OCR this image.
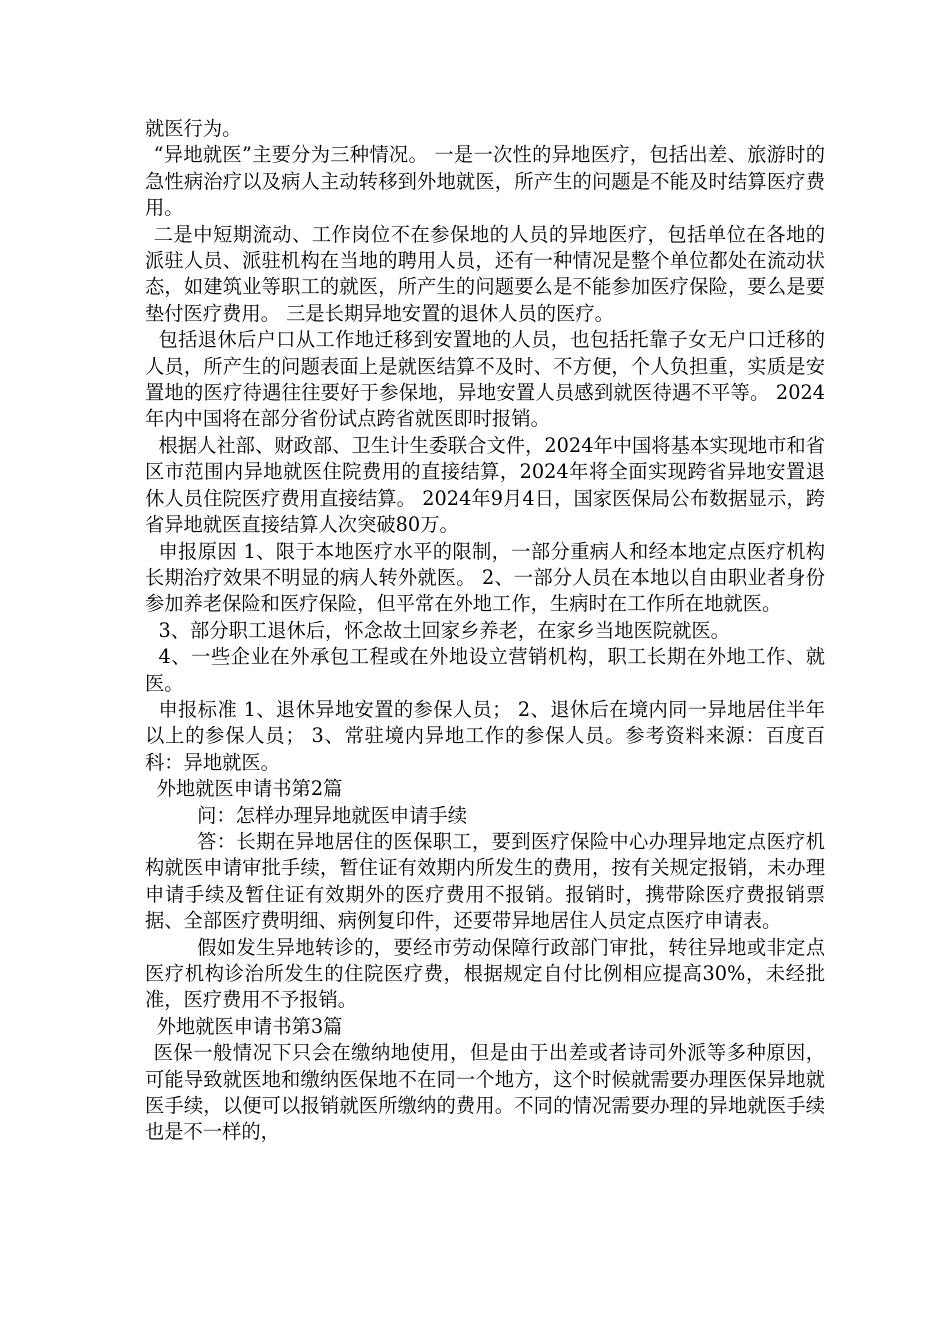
就医行为。

“异地就医”主要分为三种情况。 一是一次性的异地医疗，包括出差、旅游时的急性病治疗以及病人主动转移到外地就医，所产生的问题是不能及时结算医疗费用。

二是中短期流动、工作岗位不在参保地的人员的异地医疗，包括单位在各地的派驻人员、派驻机构在当地的聘用人员，还有一种情况是整个单位都处在流动状态，如建筑业等职工的就医，所产生的问题要么是不能参加医疗保险，要么是要垫付医疗费用。 三是长期异地安置的退休人员的医疗。

包括退休后户口从工作地迁移到安置地的人员，也包括托靠子女无户口迁移的人员，所产生的问题表面上是就医结算不及时、不方便，个人负担重，实质是安置地的医疗待遇往往要好于参保地，异地安置人员感到就医待遇不平等。 2024年内中国将在部分省份试点跨省就医即时报销。

根据人社部、财政部、卫生计生委联合文件，2024年中国将基本实现地市和省区市范围内异地就医住院费用的直接结算，2024年将全面实现跨省异地安置退休人员住院医疗费用直接结算。 2024年9月4日，国家医保局公布数据显示，跨省异地就医直接结算人次突破80万。

申报原因 1、限于本地医疗水平的限制，一部分重病人和经本地定点医疗机构长期治疗效果不明显的病人转外就医。 2、一部分人员在本地以自由职业者身份参加养老保险和医疗保险，但平常在外地工作，生病时在工作所在地就医。

3、部分职工退休后，怀念故土回家乡养老，在家乡当地医院就医。

4、一些企业在外承包工程或在外地设立营销机构，职工长期在外地工作、就医。

申报标准 1、退休异地安置的参保人员； 2、退休后在境内同一异地居住半年以上的参保人员； 3、常驻境内异地工作的参保人员。参考资料来源：百度百科：异地就医。

外地就医申请书第2篇

问：怎样办理异地就医申请手续

答：长期在异地居住的医保职工，要到医疗保险中心办理异地定点医疗机构就医申请审批手续，暂住证有效期内所发生的费用，按有关规定报销，未办理申请手续及暂住证有效期外的医疗费用不报销。报销时，携带除医疗费报销票据、全部医疗费明细、病例复印件，还要带异地居住人员定点医疗申请表。

假如发生异地转诊的，要经市劳动保障行政部门审批，转往异地或非定点医疗机构诊治所发生的住院医疗费，根据规定自付比例相应提高30%，未经批准，医疗费用不予报销。

外地就医申请书第3篇

医保一般情况下只会在缴纳地使用，但是由于出差或者诗司外派等多种原因，可能导致就医地和缴纳医保地不在同一个地方，这个时候就需要办理医保异地就医手续，以便可以报销就医所缴纳的费用。不同的情况需要办理的异地就医手续也是不一样的，
